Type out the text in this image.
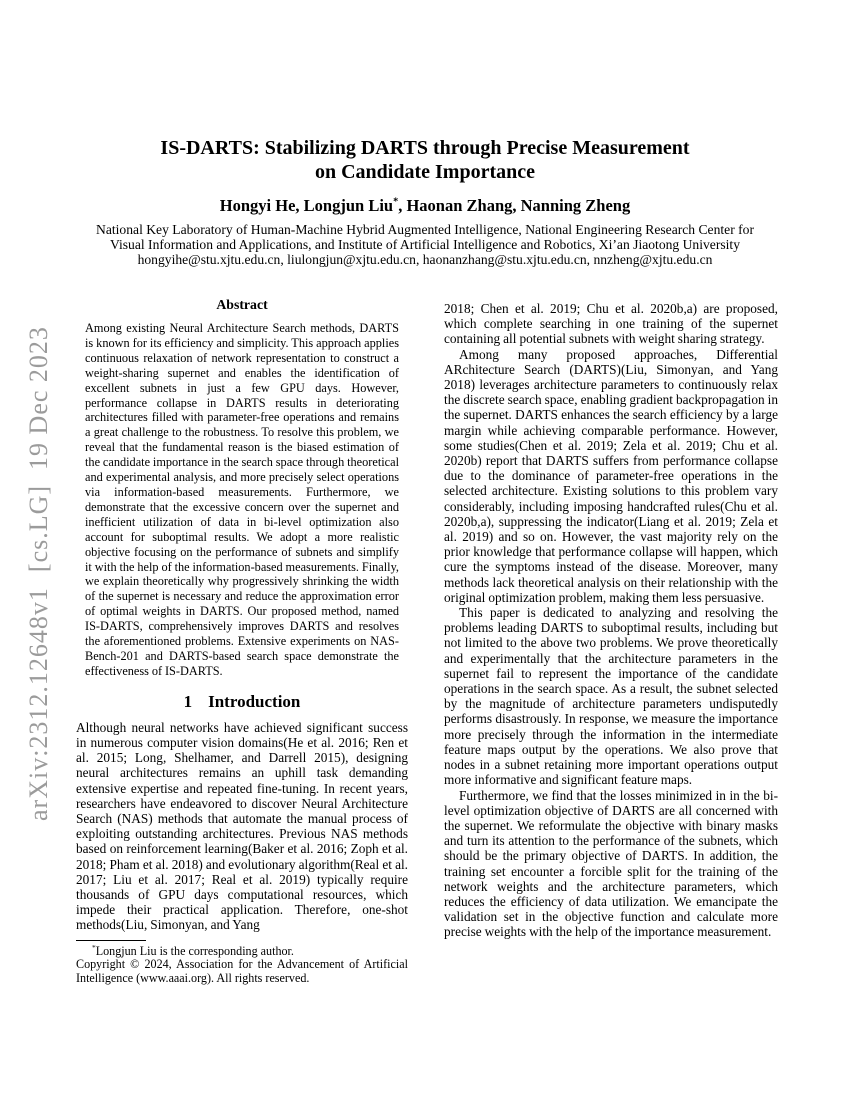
arXiv:2312.12648v1  [cs.LG]  19 Dec 2023
IS-DARTS: Stabilizing DARTS through Precise Measurement
on Candidate Importance
Hongyi He, Longjun Liu*, Haonan Zhang, Nanning Zheng
National Key Laboratory of Human-Machine Hybrid Augmented Intelligence, National Engineering Research Center for
Visual Information and Applications, and Institute of Artificial Intelligence and Robotics, Xi’an Jiaotong University
hongyihe@stu.xjtu.edu.cn, liulongjun@xjtu.edu.cn, haonanzhang@stu.xjtu.edu.cn, nnzheng@xjtu.edu.cn
Abstract

Among existing Neural Architecture Search methods, DARTS is known for its efficiency and simplicity. This approach applies continuous relaxation of network representation to construct a weight-sharing supernet and enables the identification of excellent subnets in just a few GPU days. However, performance collapse in DARTS results in deteriorating architectures filled with parameter-free operations and remains a great challenge to the robustness. To resolve this problem, we reveal that the fundamental reason is the biased estimation of the candidate importance in the search space through theoretical and experimental analysis, and more precisely select operations via information-based measurements. Furthermore, we demonstrate that the excessive concern over the supernet and inefficient utilization of data in bi-level optimization also account for suboptimal results. We adopt a more realistic objective focusing on the performance of subnets and simplify it with the help of the information-based measurements. Finally, we explain theoretically why progressively shrinking the width of the supernet is necessary and reduce the approximation error of optimal weights in DARTS. Our proposed method, named IS-DARTS, comprehensively improves DARTS and resolves the aforementioned problems. Extensive experiments on NAS-Bench-201 and DARTS-based search space demonstrate the effectiveness of IS-DARTS.

1 Introduction

Although neural networks have achieved significant success in numerous computer vision domains(He et al. 2016; Ren et al. 2015; Long, Shelhamer, and Darrell 2015), designing neural architectures remains an uphill task demanding extensive expertise and repeated fine-tuning. In recent years, researchers have endeavored to discover Neural Architecture Search (NAS) methods that automate the manual process of exploiting outstanding architectures. Previous NAS methods based on reinforcement learning(Baker et al. 2016; Zoph et al. 2018; Pham et al. 2018) and evolutionary algorithm(Real et al. 2017; Liu et al. 2017; Real et al. 2019) typically require thousands of GPU days computational resources, which impede their practical application. Therefore, one-shot methods(Liu, Simonyan, and Yang

*Longjun Liu is the corresponding author.

Copyright © 2024, Association for the Advancement of Artificial Intelligence (www.aaai.org). All rights reserved.

2018; Chen et al. 2019; Chu et al. 2020b,a) are proposed, which complete searching in one training of the supernet containing all potential subnets with weight sharing strategy.

Among many proposed approaches, Differential ARchitecture Search (DARTS)(Liu, Simonyan, and Yang 2018) leverages architecture parameters to continuously relax the discrete search space, enabling gradient backpropagation in the supernet. DARTS enhances the search efficiency by a large margin while achieving comparable performance. However, some studies(Chen et al. 2019; Zela et al. 2019; Chu et al. 2020b) report that DARTS suffers from performance collapse due to the dominance of parameter-free operations in the selected architecture. Existing solutions to this problem vary considerably, including imposing handcrafted rules(Chu et al. 2020b,a), suppressing the indicator(Liang et al. 2019; Zela et al. 2019) and so on. However, the vast majority rely on the prior knowledge that performance collapse will happen, which cure the symptoms instead of the disease. Moreover, many methods lack theoretical analysis on their relationship with the original optimization problem, making them less persuasive.

This paper is dedicated to analyzing and resolving the problems leading DARTS to suboptimal results, including but not limited to the above two problems. We prove theoretically and experimentally that the architecture parameters in the supernet fail to represent the importance of the candidate operations in the search space. As a result, the subnet selected by the magnitude of architecture parameters undisputedly performs disastrously. In response, we measure the importance more precisely through the information in the intermediate feature maps output by the operations. We also prove that nodes in a subnet retaining more important operations output more informative and significant feature maps.

Furthermore, we find that the losses minimized in in the bi-level optimization objective of DARTS are all concerned with the supernet. We reformulate the objective with binary masks and turn its attention to the performance of the subnets, which should be the primary objective of DARTS. In addition, the training set encounter a forcible split for the training of the network weights and the architecture parameters, which reduces the efficiency of data utilization. We emancipate the validation set in the objective function and calculate more precise weights with the help of the importance measurement.
